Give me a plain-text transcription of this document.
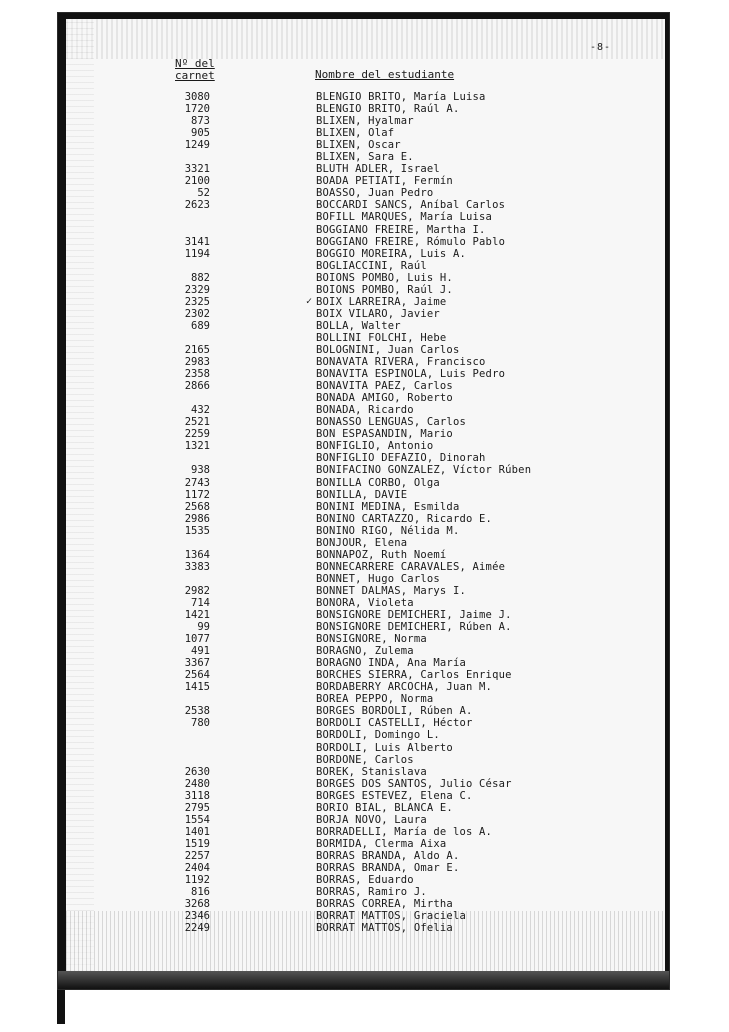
-8-
Nº del
carnet	Nombre del estudiante
3080	BLENGIO BRITO, María Luisa
1720	BLENGIO BRITO, Raúl A.
873	BLIXEN, Hyalmar
905	BLIXEN, Olaf
1249	BLIXEN, Oscar
BLIXEN, Sara E.
3321	BLUTH ADLER, Israel
2100	BOADA PETIATI, Fermín
52	BOASSO, Juan Pedro
2623	BOCCARDI SANCS, Aníbal Carlos
BOFILL MARQUES, María Luisa
BOGGIANO FREIRE, Martha I.
3141	BOGGIANO FREIRE, Rómulo Pablo
1194	BOGGIO MOREIRA, Luis A.
BOGLIACCINI, Raúl
882	BOIONS POMBO, Luis H.
2329	BOIONS POMBO, Raúl J.
2325	✓ BOIX LARREIRA, Jaime
2302	BOIX VILARO, Javier
689	BOLLA, Walter
BOLLINI FOLCHI, Hebe
2165	BOLOGNINI, Juan Carlos
2983	BONAVATA RIVERA, Francisco
2358	BONAVITA ESPINOLA, Luis Pedro
2866	BONAVITA PAEZ, Carlos
BONADA AMIGO, Roberto
432	BONADA, Ricardo
2521	BONASSO LENGUAS, Carlos
2259	BON ESPASANDIN, Mario
1321	BONFIGLIO, Antonio
BONFIGLIO DEFAZIO, Dinorah
938	BONIFACINO GONZALEZ, Víctor Rúben
2743	BONILLA CORBO, Olga
1172	BONILLA, DAVIE
2568	BONINI MEDINA, Esmilda
2986	BONINO CARTAZZO, Ricardo E.
1535	BONINO RIGO, Nélida M.
BONJOUR, Elena
1364	BONNAPOZ, Ruth Noemí
3383	BONNECARRERE CARAVALES, Aimée
BONNET, Hugo Carlos
2982	BONNET DALMAS, Marys I.
714	BONORA, Violeta
1421	BONSIGNORE DEMICHERI, Jaime J.
99	BONSIGNORE DEMICHERI, Rúben A.
1077	BONSIGNORE, Norma
491	BORAGNO, Zulema
3367	BORAGNO INDA, Ana María
2564	BORCHES SIERRA, Carlos Enrique
1415	BORDABERRY ARCOCHA, Juan M.
BOREA PEPPO, Norma
2538	BORGES BORDOLI, Rúben A.
780	BORDOLI CASTELLI, Héctor
BORDOLI, Domingo L.
BORDOLI, Luis Alberto
BORDONE, Carlos
2630	BOREK, Stanislava
2480	BORGES DOS SANTOS, Julio César
3118	BORGES ESTEVEZ, Elena C.
2795	BORIO BIAL, BLANCA E.
1554	BORJA NOVO, Laura
1401	BORRADELLI, María de los A.
1519	BORMIDA, Clerma Aixa
2257	BORRAS BRANDA, Aldo A.
2404	BORRAS BRANDA, Omar E.
1192	BORRAS, Eduardo
816	BORRAS, Ramiro J.
3268	BORRAS CORREA, Mirtha
2346	BORRAT MATTOS, Graciela
2249	BORRAT MATTOS, Ofelia
